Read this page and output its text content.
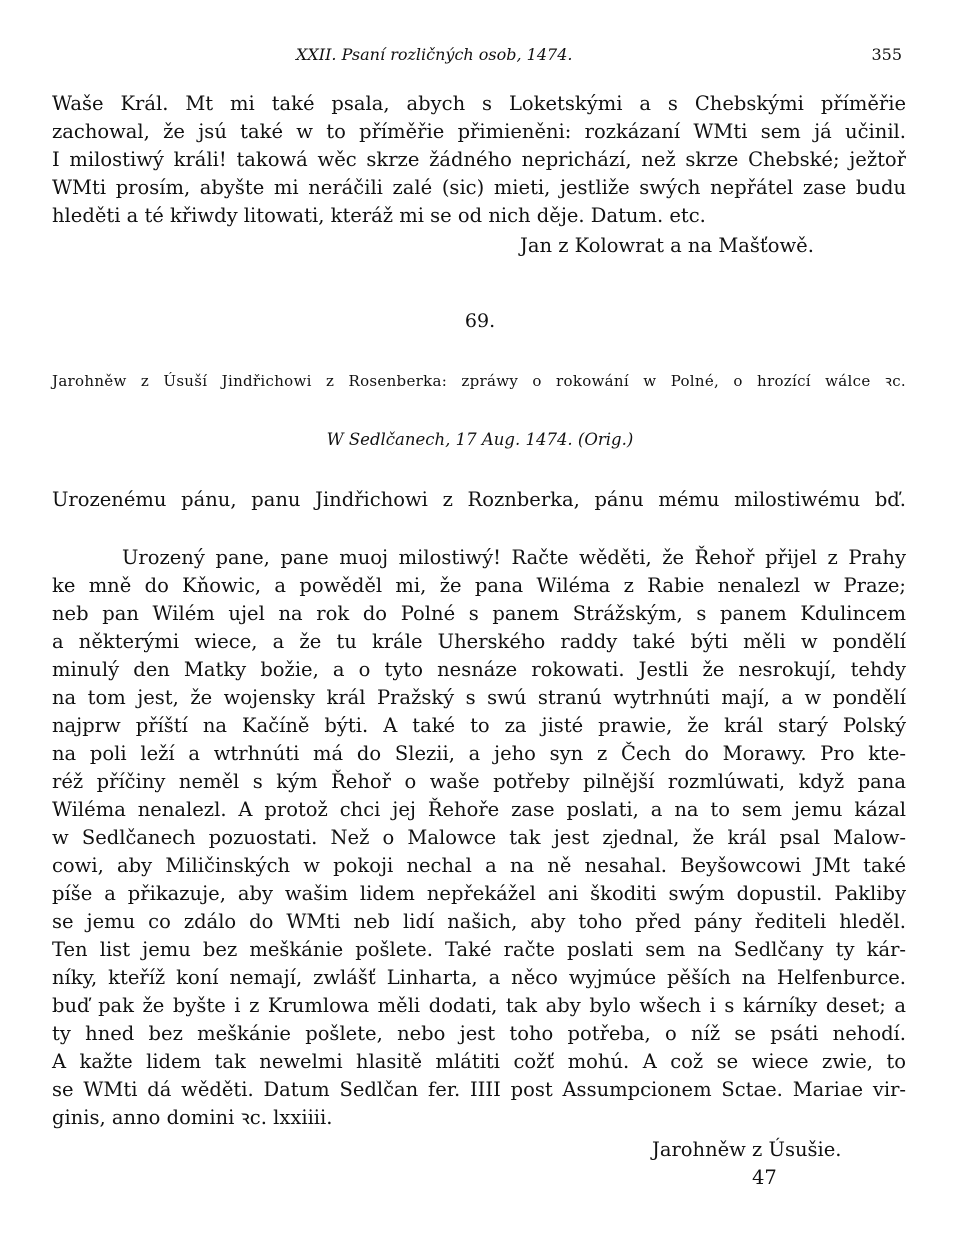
XXII. Psaní rozličných osob, 1474.	355
Waše Král. Mt mi také psala, abych s Loketskými a s Chebskými příměřie
zachowal, že jsú také w to příměřie přimieněni: rozkázaní WMti sem já učinil.
I milostiwý králi! takowá wěc skrze žádného neprichází, než skrze Chebské; ježtoř
WMti prosím, abyšte mi neráčili zalé (sic) mieti, jestliže swých nepřátel zase budu
hleděti a té křiwdy litowati, kteráž mi se od nich děje. Datum. etc.
Jan z Kolowrat a na Mašťowě.
69.
Jarohněw z Úsuší Jindřichowi z Rosenberka: zpráwy o rokowání w Polné, o hrozící wálce ꝛc.
W Sedlčanech, 17 Aug. 1474. (Orig.)
Urozenému pánu, panu Jindřichowi z Roznberka, pánu mému milostiwému bď.
Urozený pane, pane muoj milostiwý! Račte wěděti, že Řehoř přijel z Prahy
ke mně do Kňowic, a powěděl mi, že pana Wiléma z Rabie nenalezl w Praze;
neb pan Wilém ujel na rok do Polné s panem Strážským, s panem Kdulincem
a některými wiece, a že tu krále Uherského raddy také býti měli w pondělí
minulý den Matky božie, a o tyto nesnáze rokowati. Jestli že nesrokují, tehdy
na tom jest, že wojensky král Pražský s swú stranú wytrhnúti mají, a w pondělí
najprw příští na Kačíně býti. A také to za jisté prawie, že král starý Polský
na poli leží a wtrhnúti má do Slezii, a jeho syn z Čech do Morawy. Pro kte-
réž příčiny neměl s kým Řehoř o waše potřeby pilnější rozmlúwati, když pana
Wiléma nenalezl. A protož chci jej Řehoře zase poslati, a na to sem jemu kázal
w Sedlčanech pozuostati. Než o Malowce tak jest zjednal, že král psal Malow-
cowi, aby Miličinských w pokoji nechal a na ně nesahal. Beyšowcowi JMt také
píše a přikazuje, aby wašim lidem nepřekážel ani škoditi swým dopustil. Pakliby
se jemu co zdálo do WMti neb lidí našich, aby toho před pány řediteli hleděl.
Ten list jemu bez meškánie pošlete. Také račte poslati sem na Sedlčany ty kár-
níky, kteříž koní nemají, zwlášť Linharta, a něco wyjmúce pěších na Helfenburce.
buď pak že byšte i z Krumlowa měli dodati, tak aby bylo wšech i s kárníky deset; a
ty hned bez meškánie pošlete, nebo jest toho potřeba, o níž se psáti nehodí.
A kažte lidem tak newelmi hlasitě mlátiti cožť mohú. A což se wiece zwie, to
se WMti dá wěděti. Datum Sedlčan fer. IIII post Assumpcionem Sctae. Mariae vir-
ginis, anno domini ꝛc. lxxiiii.
Jarohněw z Úsušie.
47
